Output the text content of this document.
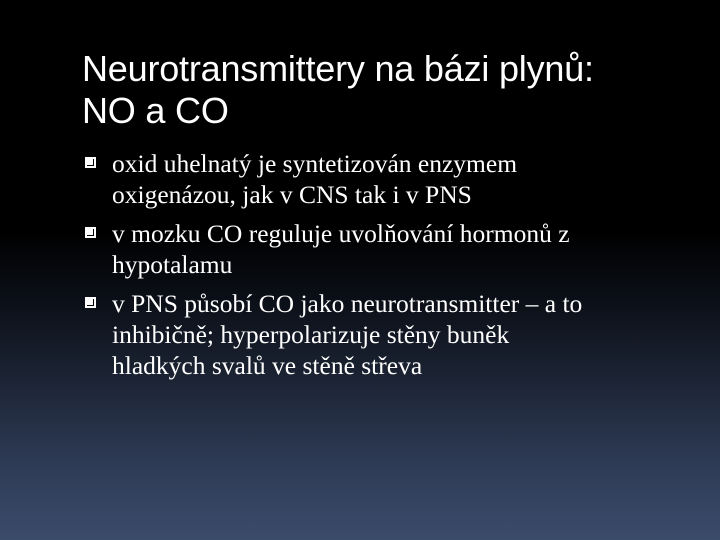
Neurotransmittery na bázi plynů:
NO a CO
oxid uhelnatý je syntetizován enzymem
oxigenázou, jak v CNS tak i v PNS
v mozku CO reguluje uvolňování hormonů z
hypotalamu
v PNS působí CO jako neurotransmitter – a to
inhibičně; hyperpolarizuje stěny buněk
hladkých svalů ve stěně střeva
